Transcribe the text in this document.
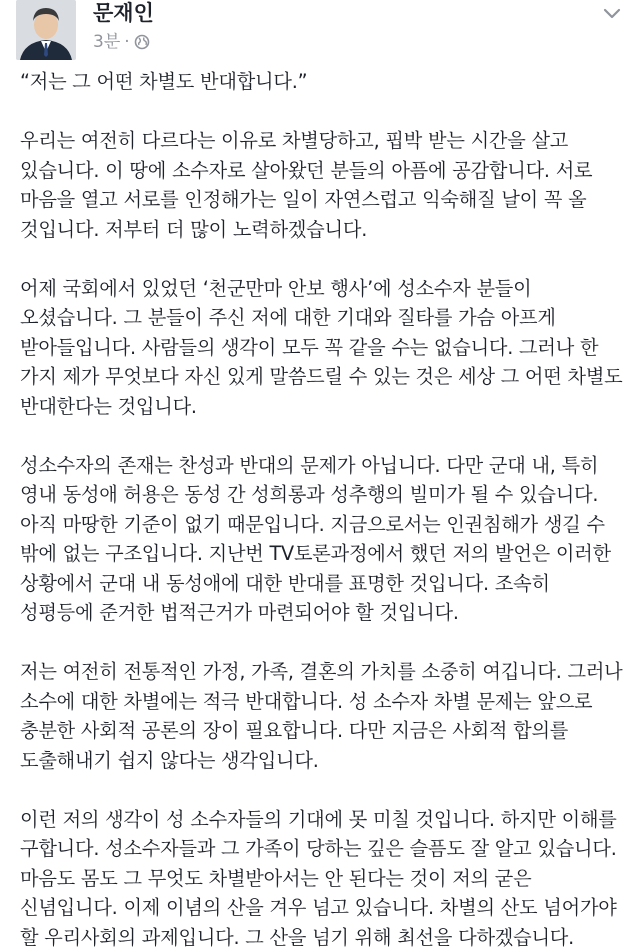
문재인
3분 ·

“저는 그 어떤 차별도 반대합니다.”

우리는 여전히 다르다는 이유로 차별당하고, 핍박 받는 시간을 살고 있습니다. 이 땅에 소수자로 살아왔던 분들의 아픔에 공감합니다. 서로 마음을 열고 서로를 인정해가는 일이 자연스럽고 익숙해질 날이 꼭 올 것입니다. 저부터 더 많이 노력하겠습니다.

어제 국회에서 있었던 ‘천군만마 안보 행사’에 성소수자 분들이 오셨습니다. 그 분들이 주신 저에 대한 기대와 질타를 가슴 아프게 받아들입니다. 사람들의 생각이 모두 꼭 같을 수는 없습니다. 그러나 한 가지 제가 무엇보다 자신 있게 말씀드릴 수 있는 것은 세상 그 어떤 차별도 반대한다는 것입니다.

성소수자의 존재는 찬성과 반대의 문제가 아닙니다. 다만 군대 내, 특히 영내 동성애 허용은 동성 간 성희롱과 성추행의 빌미가 될 수 있습니다. 아직 마땅한 기준이 없기 때문입니다. 지금으로서는 인권침해가 생길 수 밖에 없는 구조입니다. 지난번 TV토론과정에서 했던 저의 발언은 이러한 상황에서 군대 내 동성애에 대한 반대를 표명한 것입니다. 조속히 성평등에 준거한 법적근거가 마련되어야 할 것입니다.

저는 여전히 전통적인 가정, 가족, 결혼의 가치를 소중히 여깁니다. 그러나 소수에 대한 차별에는 적극 반대합니다. 성 소수자 차별 문제는 앞으로 충분한 사회적 공론의 장이 필요합니다. 다만 지금은 사회적 합의를 도출해내기 쉽지 않다는 생각입니다.

이런 저의 생각이 성 소수자들의 기대에 못 미칠 것입니다. 하지만 이해를 구합니다. 성소수자들과 그 가족이 당하는 깊은 슬픔도 잘 알고 있습니다. 마음도 몸도 그 무엇도 차별받아서는 안 된다는 것이 저의 굳은 신념입니다. 이제 이념의 산을 겨우 넘고 있습니다. 차별의 산도 넘어가야 할 우리사회의 과제입니다. 그 산을 넘기 위해 최선을 다하겠습니다.
